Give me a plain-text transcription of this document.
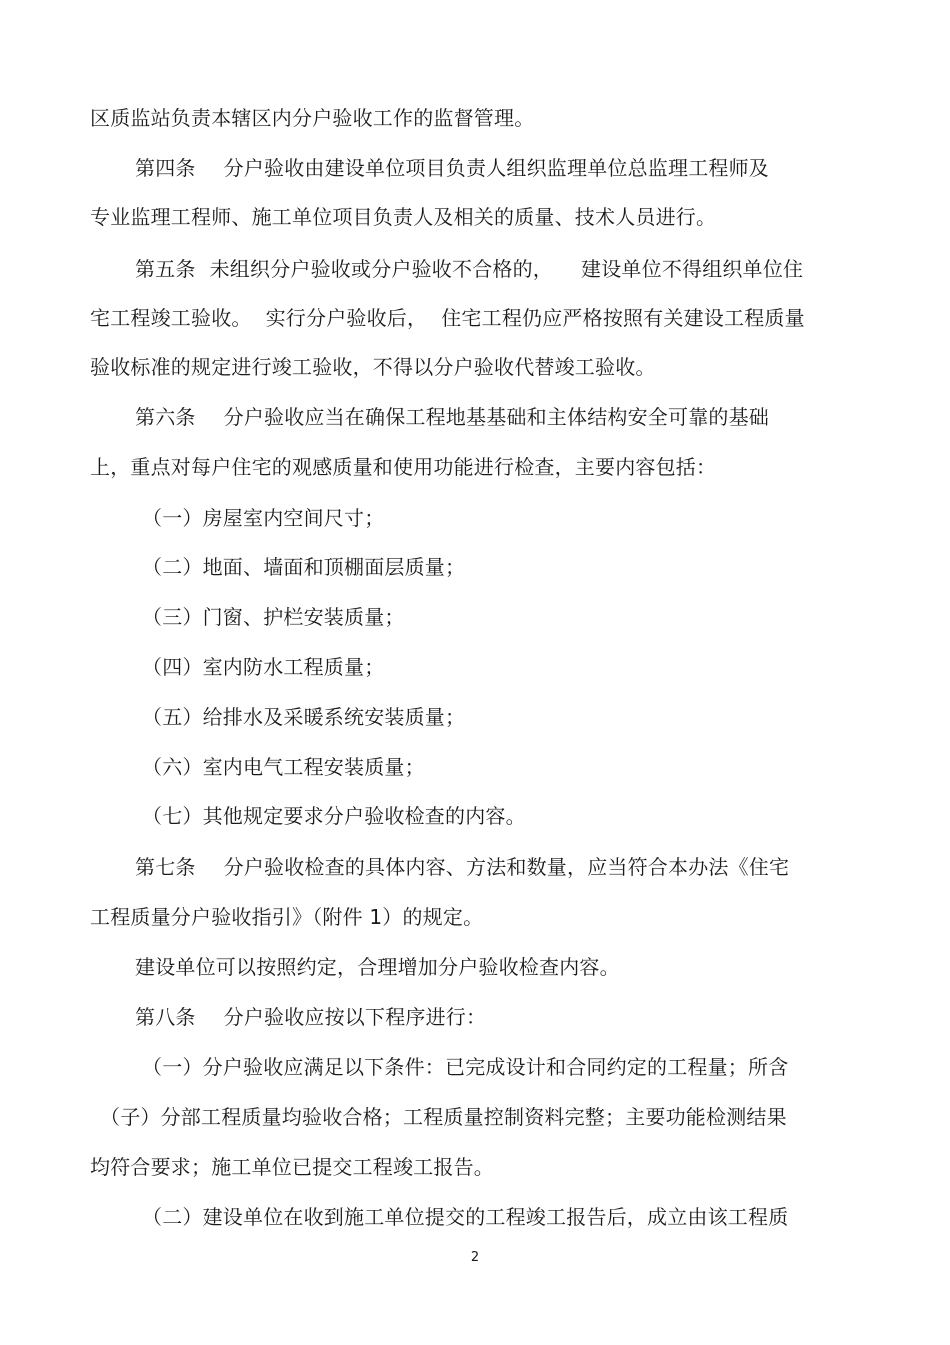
区质监站负责本辖区内分户验收工作的监督管理。
第四条 分户验收由建设单位项目负责人组织监理单位总监理工程师及
专业监理工程师、施工单位项目负责人及相关的质量、技术人员进行。
第五条 未组织分户验收或分户验收不合格的， 建设单位不得组织单位住
宅工程竣工验收。 实行分户验收后， 住宅工程仍应严格按照有关建设工程质量
验收标准的规定进行竣工验收，不得以分户验收代替竣工验收。
第六条 分户验收应当在确保工程地基基础和主体结构安全可靠的基础
上，重点对每户住宅的观感质量和使用功能进行检查，主要内容包括：
（一）房屋室内空间尺寸；
（二）地面、墙面和顶棚面层质量；
（三）门窗、护栏安装质量；
（四）室内防水工程质量；
（五）给排水及采暖系统安装质量；
（六）室内电气工程安装质量；
（七）其他规定要求分户验收检查的内容。
第七条 分户验收检查的具体内容、方法和数量，应当符合本办法《住宅
工程质量分户验收指引》（附件 1）的规定。
建设单位可以按照约定，合理增加分户验收检查内容。
第八条 分户验收应按以下程序进行：
（一）分户验收应满足以下条件：已完成设计和合同约定的工程量；所含
（子）分部工程质量均验收合格；工程质量控制资料完整；主要功能检测结果
均符合要求；施工单位已提交工程竣工报告。
（二）建设单位在收到施工单位提交的工程竣工报告后，成立由该工程质
2
